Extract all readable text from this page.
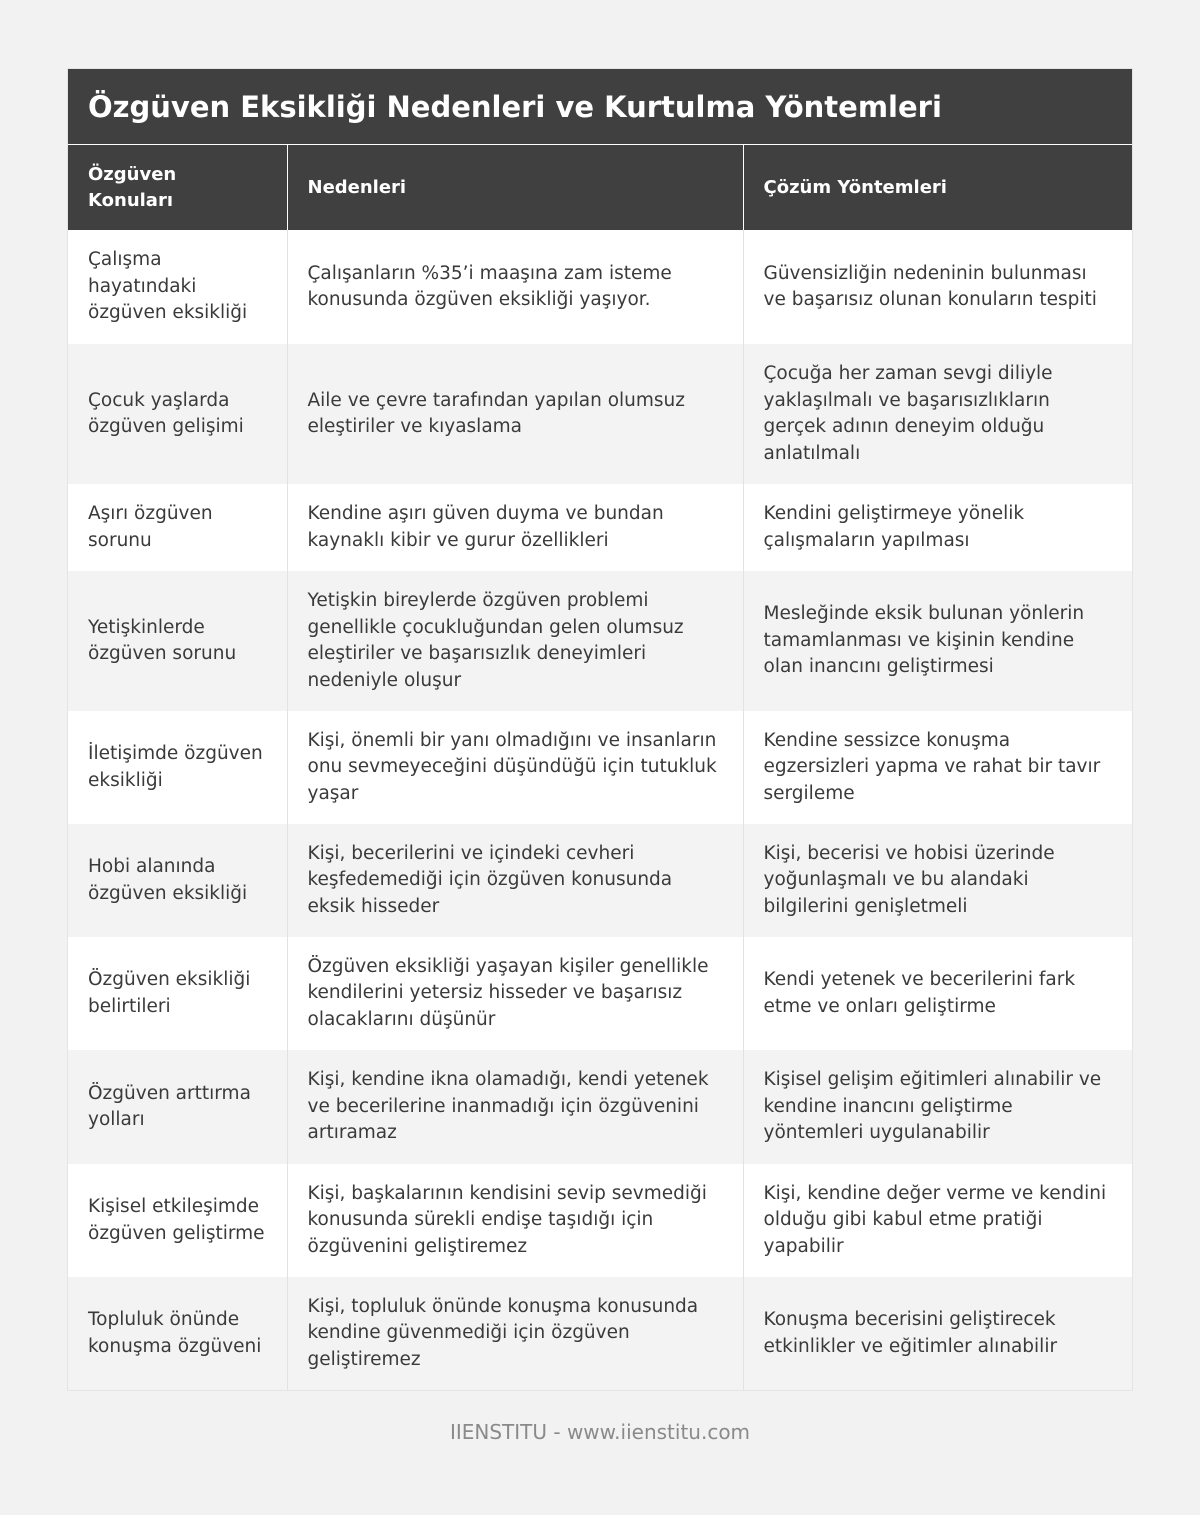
Özgüven Eksikliği Nedenleri ve Kurtulma Yöntemleri
Özgüven Konuları	Nedenleri	Çözüm Yöntemleri
Çalışma hayatındaki özgüven eksikliği	Çalışanların %35’i maaşına zam isteme konusunda özgüven eksikliği yaşıyor.	Güvensizliğin nedeninin bulunması ve başarısız olunan konuların tespiti
Çocuk yaşlarda özgüven gelişimi	Aile ve çevre tarafından yapılan olumsuz eleştiriler ve kıyaslama	Çocuğa her zaman sevgi diliyle yaklaşılmalı ve başarısızlıkların gerçek adının deneyim olduğu anlatılmalı
Aşırı özgüven sorunu	Kendine aşırı güven duyma ve bundan kaynaklı kibir ve gurur özellikleri	Kendini geliştirmeye yönelik çalışmaların yapılması
Yetişkinlerde özgüven sorunu	Yetişkin bireylerde özgüven problemi genellikle çocukluğundan gelen olumsuz eleştiriler ve başarısızlık deneyimleri nedeniyle oluşur	Mesleğinde eksik bulunan yönlerin tamamlanması ve kişinin kendine olan inancını geliştirmesi
İletişimde özgüven eksikliği	Kişi, önemli bir yanı olmadığını ve insanların onu sevmeyeceğini düşündüğü için tutukluk yaşar	Kendine sessizce konuşma egzersizleri yapma ve rahat bir tavır sergileme
Hobi alanında özgüven eksikliği	Kişi, becerilerini ve içindeki cevheri keşfedemediği için özgüven konusunda eksik hisseder	Kişi, becerisi ve hobisi üzerinde yoğunlaşmalı ve bu alandaki bilgilerini genişletmeli
Özgüven eksikliği belirtileri	Özgüven eksikliği yaşayan kişiler genellikle kendilerini yetersiz hisseder ve başarısız olacaklarını düşünür	Kendi yetenek ve becerilerini fark etme ve onları geliştirme
Özgüven arttırma yolları	Kişi, kendine ikna olamadığı, kendi yetenek ve becerilerine inanmadığı için özgüvenini artıramaz	Kişisel gelişim eğitimleri alınabilir ve kendine inancını geliştirme yöntemleri uygulanabilir
Kişisel etkileşimde özgüven geliştirme	Kişi, başkalarının kendisini sevip sevmediği konusunda sürekli endişe taşıdığı için özgüvenini geliştiremez	Kişi, kendine değer verme ve kendini olduğu gibi kabul etme pratiği yapabilir
Topluluk önünde konuşma özgüveni	Kişi, topluluk önünde konuşma konusunda kendine güvenmediği için özgüven geliştiremez	Konuşma becerisini geliştirecek etkinlikler ve eğitimler alınabilir
IIENSTITU - www.iienstitu.com
